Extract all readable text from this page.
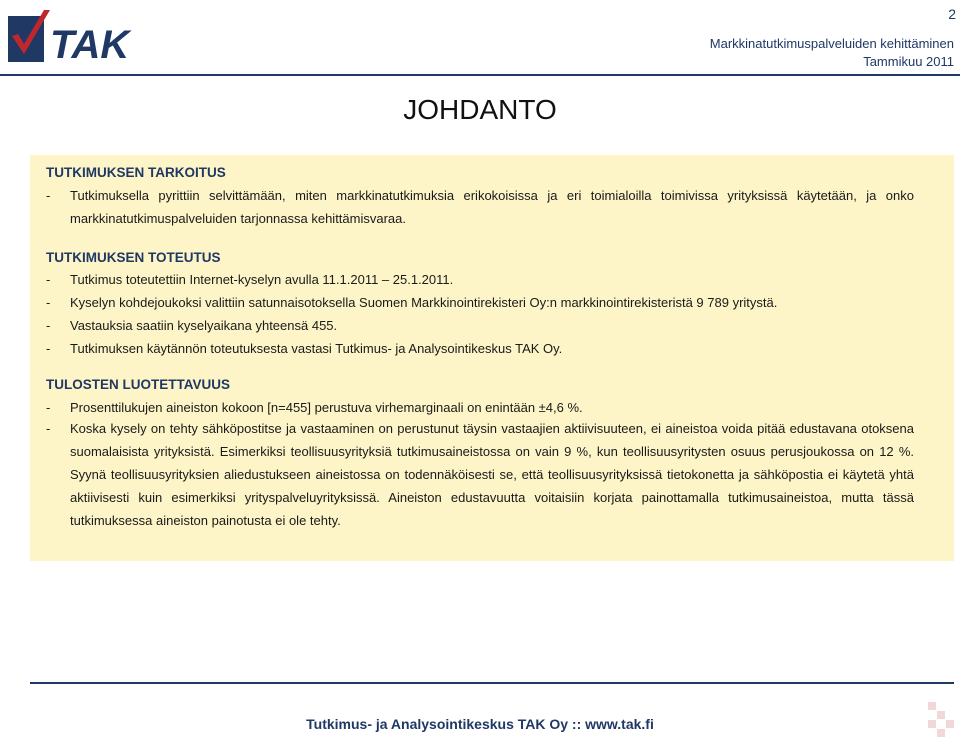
TAK
2
Markkinatutkimuspalveluiden kehittäminen
Tammikuu 2011
JOHDANTO
TUTKIMUKSEN TARKOITUS
- Tutkimuksella pyrittiin selvittämään, miten markkinatutkimuksia erikokoisissa ja eri toimialoilla toimivissa yrityksissä käytetään, ja onko markkinatutkimuspalveluiden tarjonnassa kehittämisvaraa.
TUTKIMUKSEN TOTEUTUS
- Tutkimus toteutettiin Internet-kyselyn avulla 11.1.2011 – 25.1.2011.
- Kyselyn kohdejoukoksi valittiin satunnaisotoksella Suomen Markkinointirekisteri Oy:n markkinointirekisteristä 9 789 yritystä.
- Vastauksia saatiin kyselyaikana yhteensä 455.
- Tutkimuksen käytännön toteutuksesta vastasi Tutkimus- ja Analysointikeskus TAK Oy.
TULOSTEN LUOTETTAVUUS
- Prosenttilukujen aineiston kokoon [n=455] perustuva virhemarginaali on enintään ±4,6 %.
- Koska kysely on tehty sähköpostitse ja vastaaminen on perustunut täysin vastaajien aktiivisuuteen, ei aineistoa voida pitää edustavana otoksena suomalaisista yrityksistä. Esimerkiksi teollisuusyrityksiä tutkimusaineistossa on vain 9 %, kun teollisuusyritysten osuus perusjoukossa on 12 %. Syynä teollisuusyrityksien aliedustukseen aineistossa on todennäköisesti se, että teollisuusyrityksissä tietokonetta ja sähköpostia ei käytetä yhtä aktiivisesti kuin esimerkiksi yrityspalveluyrityksissä. Aineiston edustavuutta voitaisiin korjata painottamalla tutkimusaineistoa, mutta tässä tutkimuksessa aineiston painotusta ei ole tehty.
Tutkimus- ja Analysointikeskus TAK Oy :: www.tak.fi
